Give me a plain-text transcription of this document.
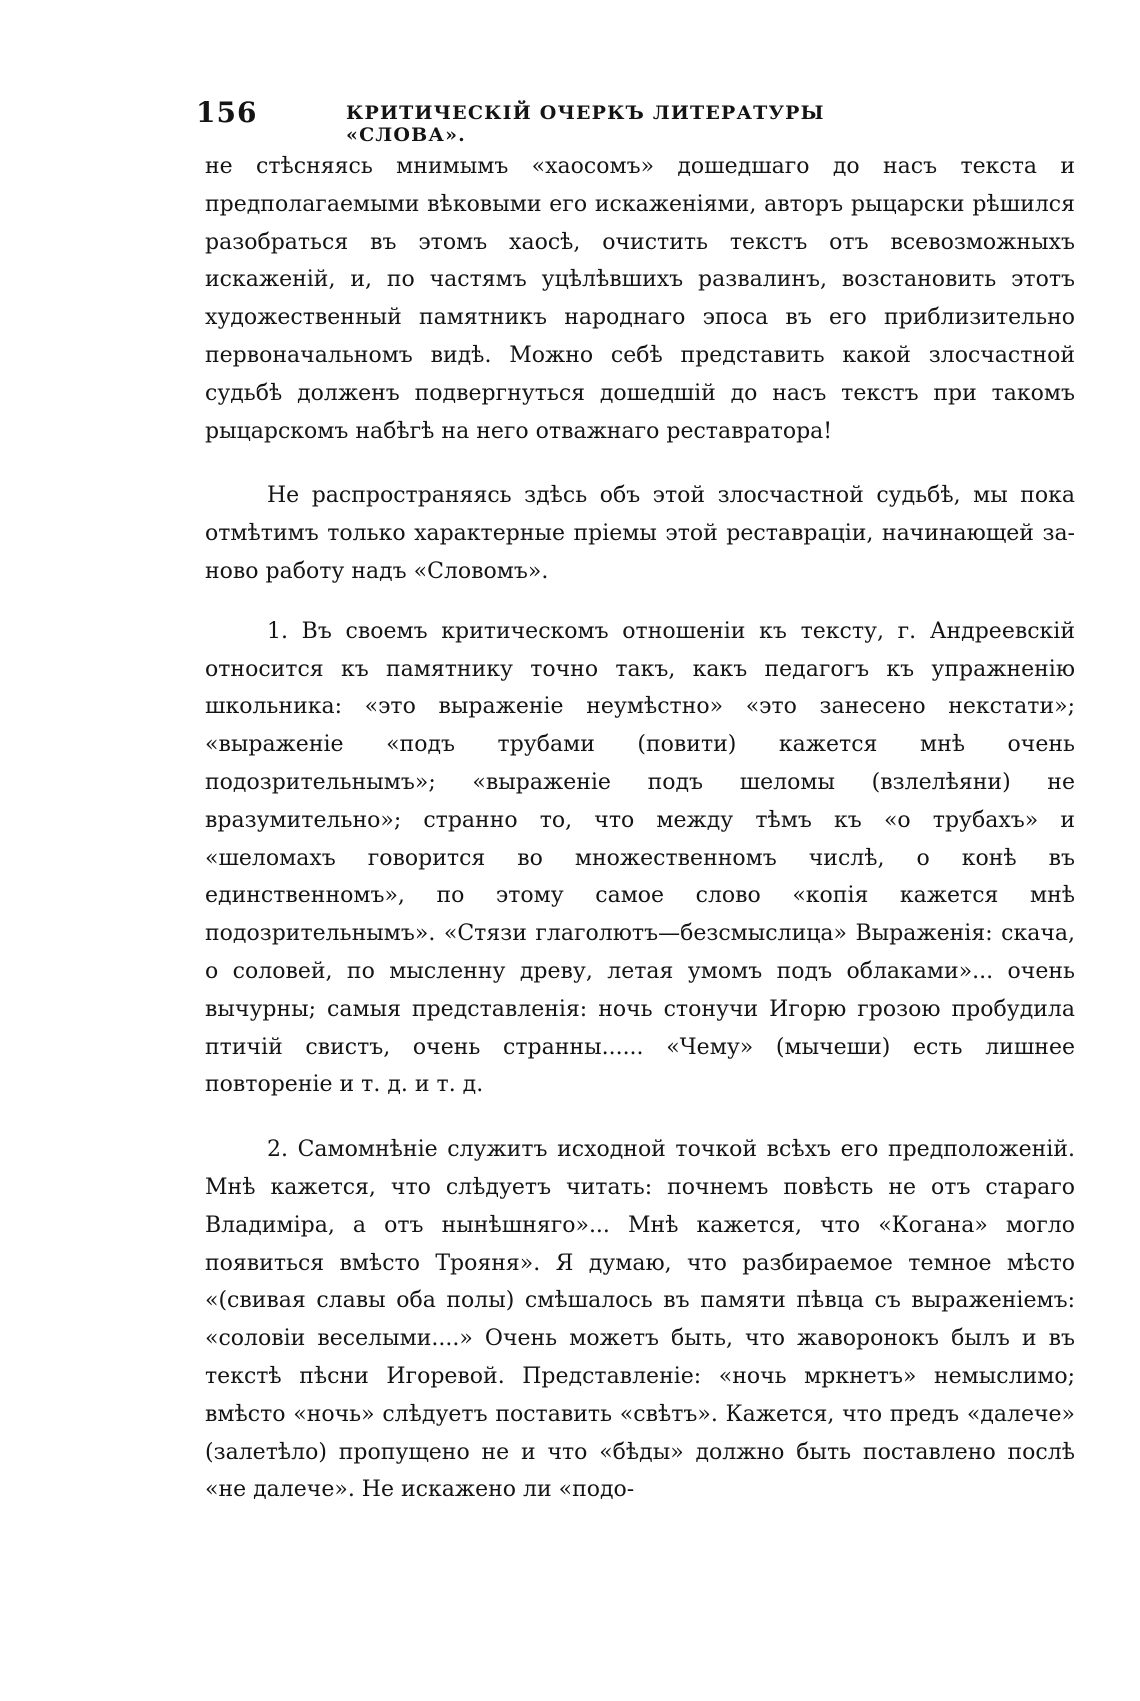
156	КРИТИЧЕСКІЙ ОЧЕРКЪ ЛИТЕРАТУРЫ «СЛОВА».

не стѣсняясь мнимымъ «хаосомъ» дошедшаго до насъ текста и предполагаемыми вѣковыми его искаженіями, авторъ рыцарски рѣшился разобраться въ этомъ хаосѣ, очистить текстъ отъ всевозможныхъ искаженій, и, по частямъ уцѣлѣвшихъ развалинъ, возстановить этотъ художественный памятникъ народнаго эпоса въ его приблизительно первоначальномъ видѣ. Можно себѣ представить какой злосчастной судьбѣ долженъ подвергнуться дошедшій до насъ текстъ при такомъ рыцарскомъ набѣгѣ на него отважнаго реставратора!

Не распространяясь здѣсь объ этой злосчастной судьбѣ, мы пока отмѣтимъ только характерные пріемы этой реставраціи, начинающей за-ново работу надъ «Словомъ».

1. Въ своемъ критическомъ отношеніи къ тексту, г. Андреевскій относится къ памятнику точно такъ, какъ педагогъ къ упражненію школьника: «это выраженіе неумѣстно» «это занесено некстати»; «выраженіе «подъ трубами (повити) кажется мнѣ очень подозрительнымъ»; «выраженіе подъ шеломы (взлелѣяни) не вразумительно»; странно то, что между тѣмъ къ «о трубахъ» и «шеломахъ говорится во множественномъ числѣ, о конѣ въ единственномъ», по этому самое слово «копія кажется мнѣ подозрительнымъ». «Стязи глаголютъ—безсмыслица» Выраженія: скача, о соловей, по мысленну древу, летая умомъ подъ облаками»... очень вычурны; самыя представленія: ночь стонучи Игорю грозою пробудила птичій свистъ, очень странны...... «Чему» (мычеши) есть лишнее повтореніе и т. д. и т. д.

2. Самомнѣніе служитъ исходной точкой всѣхъ его предположеній. Мнѣ кажется, что слѣдуетъ читать: почнемъ повѣсть не отъ стараго Владиміра, а отъ нынѣшняго»... Мнѣ кажется, что «Когана» могло появиться вмѣсто Трояня». Я думаю, что разбираемое темное мѣсто «(свивая славы оба полы) смѣшалось въ памяти пѣвца съ выраженіемъ: «соловіи веселыми....» Очень можетъ быть, что жаворонокъ былъ и въ текстѣ пѣсни Игоревой. Представленіе: «ночь мркнетъ» немыслимо; вмѣсто «ночь» слѣдуетъ поставить «свѣтъ». Кажется, что предъ «далече» (залетѣло) пропущено не и что «бѣды» должно быть поставлено послѣ «не далече». Не искажено ли «подо-
